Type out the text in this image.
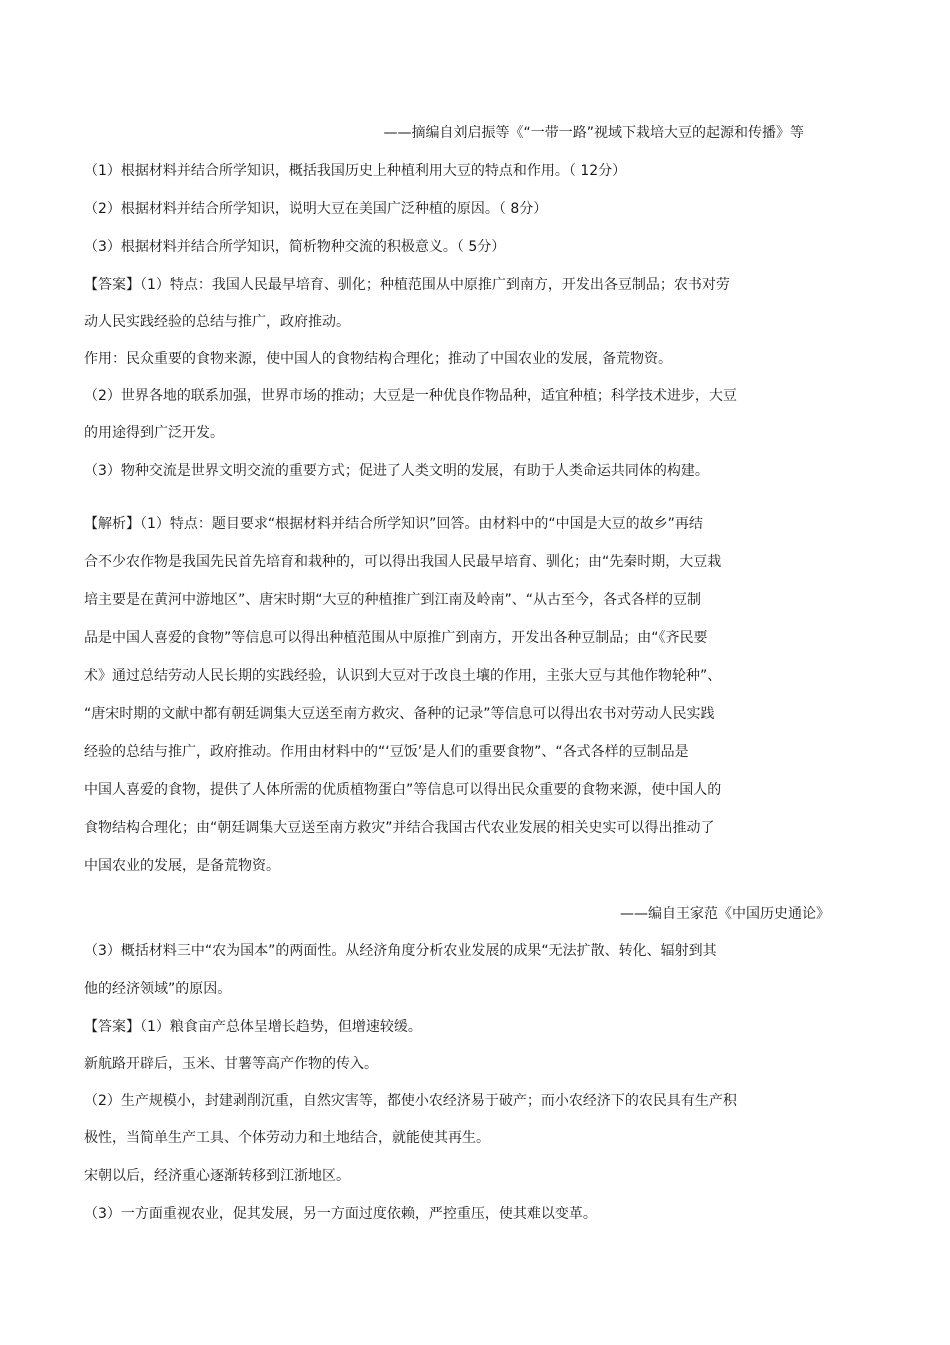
——摘编自刘启振等《“一带一路”视域下栽培大豆的起源和传播》等
（1）根据材料并结合所学知识，概括我国历史上种植利用大豆的特点和作用。（ 12分）
（2）根据材料并结合所学知识，说明大豆在美国广泛种植的原因。（ 8分）
（3）根据材料并结合所学知识，简析物种交流的积极意义。（ 5分）
【答案】（1）特点：我国人民最早培育、驯化；种植范围从中原推广到南方，开发出各豆制品；农书对劳
动人民实践经验的总结与推广，政府推动。
作用：民众重要的食物来源，使中国人的食物结构合理化；推动了中国农业的发展，备荒物资。
（2）世界各地的联系加强，世界市场的推动；大豆是一种优良作物品种，适宜种植；科学技术进步，大豆
的用途得到广泛开发。
（3）物种交流是世界文明交流的重要方式；促进了人类文明的发展，有助于人类命运共同体的构建。
【解析】（1）特点：题目要求“根据材料并结合所学知识”回答。由材料中的“中国是大豆的故乡”再结
合不少农作物是我国先民首先培育和栽种的，可以得出我国人民最早培育、驯化；由“先秦时期，大豆栽
培主要是在黄河中游地区”、唐宋时期“大豆的种植推广到江南及岭南”、“从古至今，各式各样的豆制
品是中国人喜爱的食物”等信息可以得出种植范围从中原推广到南方，开发出各种豆制品；由“《齐民要
术》通过总结劳动人民长期的实践经验，认识到大豆对于改良土壤的作用，主张大豆与其他作物轮种”、
“唐宋时期的文献中都有朝廷调集大豆送至南方救灾、备种的记录”等信息可以得出农书对劳动人民实践
经验的总结与推广，政府推动。作用由材料中的“‘豆饭’是人们的重要食物”、“各式各样的豆制品是
中国人喜爱的食物，提供了人体所需的优质植物蛋白”等信息可以得出民众重要的食物来源，使中国人的
食物结构合理化；由“朝廷调集大豆送至南方救灾”并结合我国古代农业发展的相关史实可以得出推动了
中国农业的发展，是备荒物资。
——编自王家范《中国历史通论》
（3）概括材料三中“农为国本”的两面性。从经济角度分析农业发展的成果“无法扩散、转化、辐射到其
他的经济领域”的原因。
【答案】（1）粮食亩产总体呈增长趋势，但增速较缓。
新航路开辟后，玉米、甘薯等高产作物的传入。
（2）生产规模小，封建剥削沉重，自然灾害等，都使小农经济易于破产；而小农经济下的农民具有生产积
极性，当简单生产工具、个体劳动力和土地结合，就能使其再生。
宋朝以后，经济重心逐渐转移到江浙地区。
（3）一方面重视农业，促其发展，另一方面过度依赖，严控重压，使其难以变革。
